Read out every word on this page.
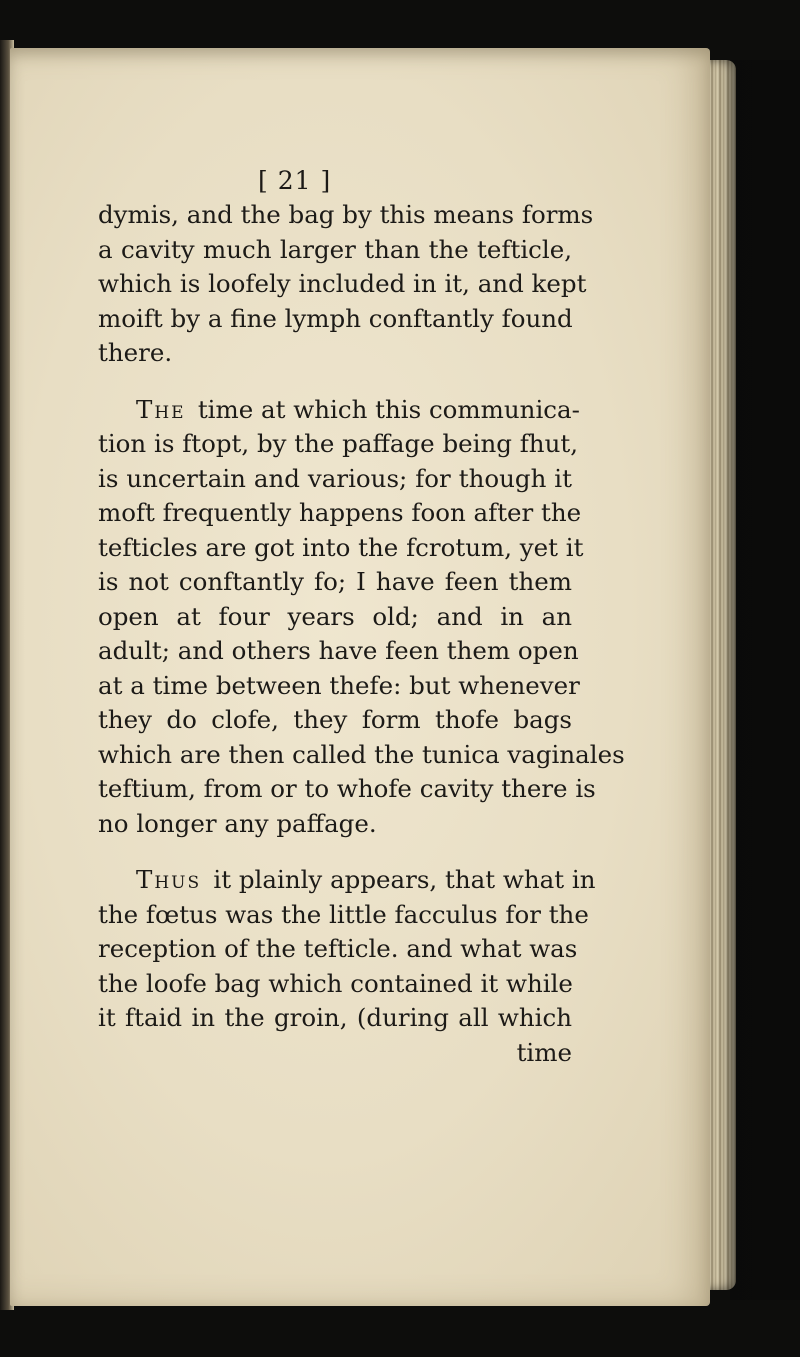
[ 21 ]
dymis, and the bag by this means forms
a cavity much larger than the tefticle,
which is loofely included in it, and kept
moift by a fine lymph conftantly found
there.
The  time at which this communica-
tion is ftopt, by the paffage being fhut,
is uncertain and various; for though it
moft frequently happens foon after the
tefticles are got into the fcrotum, yet it
is not conftantly fo; I have feen them
open at four years old; and in an
adult; and others have feen them open
at a time between thefe: but whenever
they do clofe, they form thofe bags
which are then called the tunica vaginales
teftium, from or to whofe cavity there is
no longer any paffage.
Thus  it plainly appears, that what in
the fœtus was the little facculus for the
reception of the tefticle. and what was
the loofe bag which contained it while
it ftaid in the groin, (during all which
time
